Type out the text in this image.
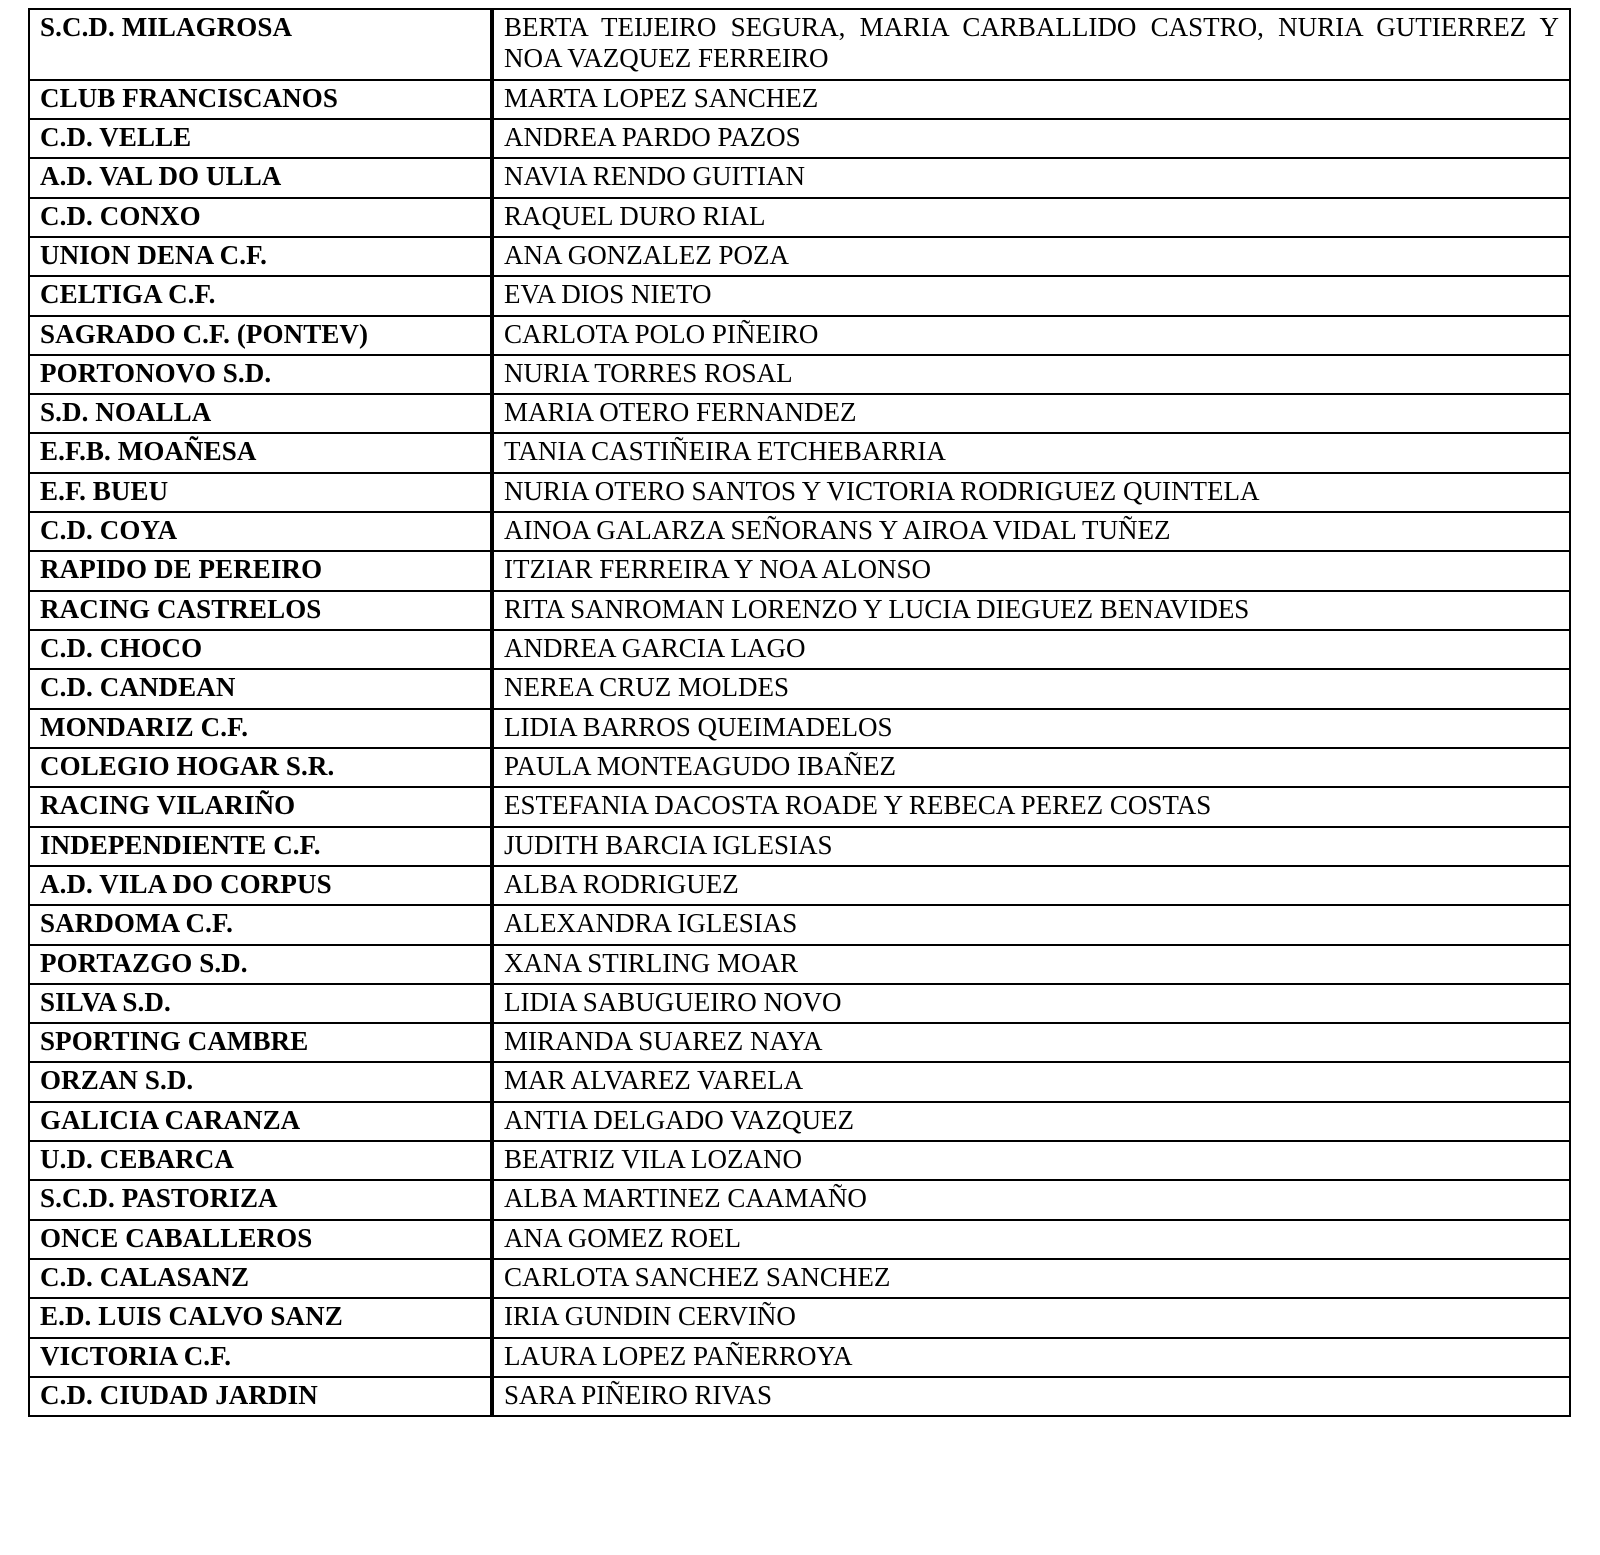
S.C.D. MILAGROSA	BERTA TEIJEIRO SEGURA, MARIA CARBALLIDO CASTRO, NURIA GUTIERREZ Y NOA VAZQUEZ FERREIRO
CLUB FRANCISCANOS	MARTA LOPEZ SANCHEZ
C.D. VELLE	ANDREA PARDO PAZOS
A.D. VAL DO ULLA	NAVIA RENDO GUITIAN
C.D. CONXO	RAQUEL DURO RIAL
UNION DENA C.F.	ANA GONZALEZ POZA
CELTIGA C.F.	EVA DIOS NIETO
SAGRADO C.F. (PONTEV)	CARLOTA POLO PIÑEIRO
PORTONOVO S.D.	NURIA TORRES ROSAL
S.D. NOALLA	MARIA OTERO FERNANDEZ
E.F.B. MOAÑESA	TANIA CASTIÑEIRA ETCHEBARRIA
E.F. BUEU	NURIA OTERO SANTOS Y VICTORIA RODRIGUEZ QUINTELA
C.D. COYA	AINOA GALARZA SEÑORANS Y AIROA VIDAL TUÑEZ
RAPIDO DE PEREIRO	ITZIAR FERREIRA Y NOA ALONSO
RACING CASTRELOS	RITA SANROMAN LORENZO Y LUCIA DIEGUEZ BENAVIDES
C.D. CHOCO	ANDREA GARCIA LAGO
C.D. CANDEAN	NEREA CRUZ MOLDES
MONDARIZ C.F.	LIDIA BARROS QUEIMADELOS
COLEGIO HOGAR S.R.	PAULA MONTEAGUDO IBAÑEZ
RACING VILARIÑO	ESTEFANIA DACOSTA ROADE Y REBECA PEREZ COSTAS
INDEPENDIENTE C.F.	JUDITH BARCIA IGLESIAS
A.D. VILA DO CORPUS	ALBA RODRIGUEZ
SARDOMA C.F.	ALEXANDRA IGLESIAS
PORTAZGO S.D.	XANA STIRLING MOAR
SILVA S.D.	LIDIA SABUGUEIRO NOVO
SPORTING CAMBRE	MIRANDA SUAREZ NAYA
ORZAN S.D.	MAR ALVAREZ VARELA
GALICIA CARANZA	ANTIA DELGADO VAZQUEZ
U.D. CEBARCA	BEATRIZ VILA LOZANO
S.C.D. PASTORIZA	ALBA MARTINEZ CAAMAÑO
ONCE CABALLEROS	ANA GOMEZ ROEL
C.D. CALASANZ	CARLOTA SANCHEZ SANCHEZ
E.D. LUIS CALVO SANZ	IRIA GUNDIN CERVIÑO
VICTORIA C.F.	LAURA LOPEZ PAÑERROYA
C.D. CIUDAD JARDIN	SARA PIÑEIRO RIVAS
